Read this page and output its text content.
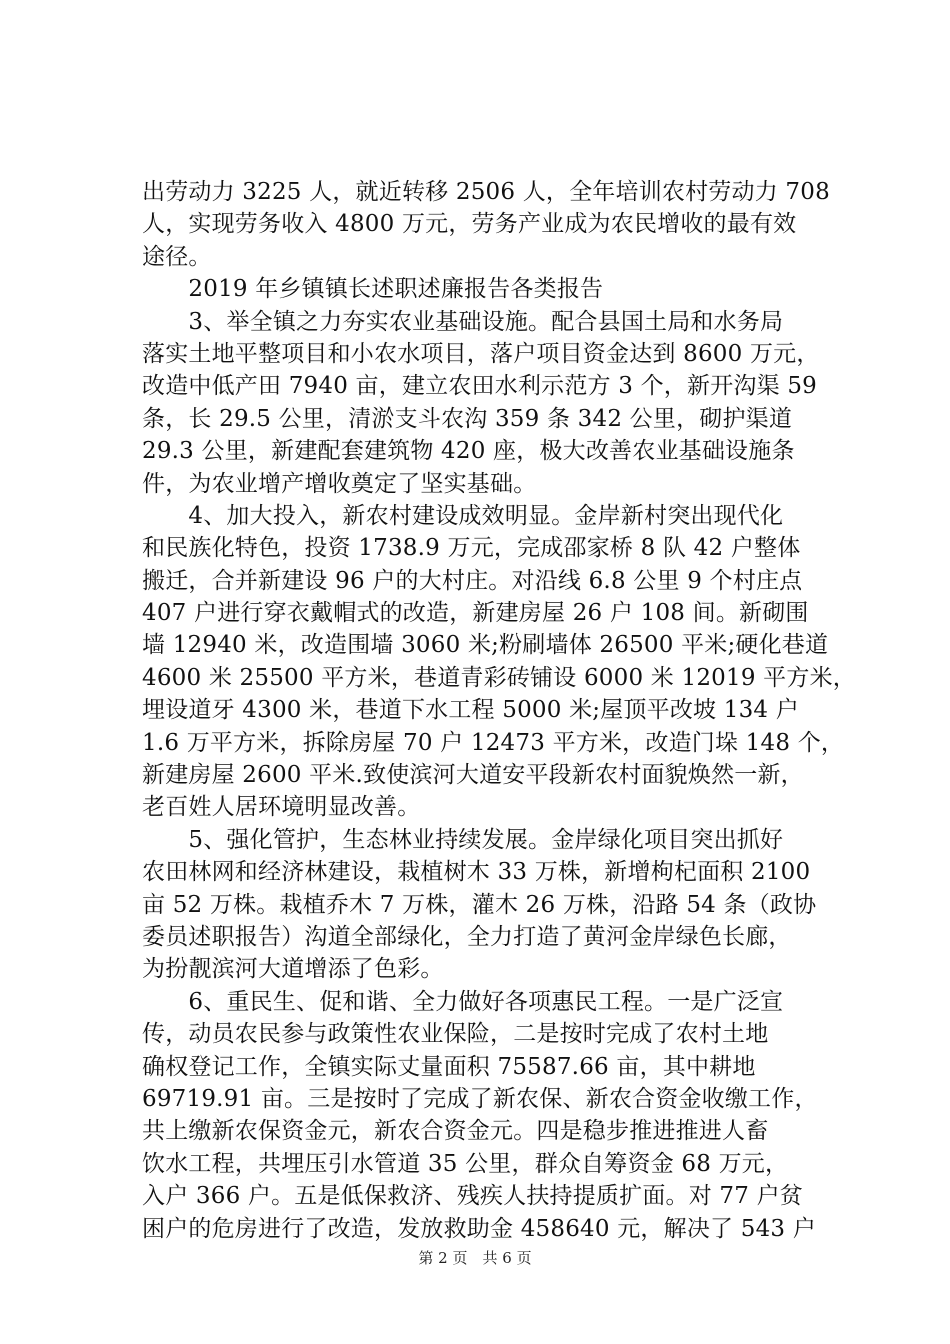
出劳动力 3225 人，就近转移 2506 人，全年培训农村劳动力 708
人，实现劳务收入 4800 万元，劳务产业成为农民增收的最有效
途径。
　　2019 年乡镇镇长述职述廉报告各类报告
　　3、举全镇之力夯实农业基础设施。配合县国土局和水务局
落实土地平整项目和小农水项目，落户项目资金达到 8600 万元，
改造中低产田 7940 亩，建立农田水利示范方 3 个，新开沟渠 59
条，长 29.5 公里，清淤支斗农沟 359 条 342 公里，砌护渠道
29.3 公里，新建配套建筑物 420 座，极大改善农业基础设施条
件，为农业增产增收奠定了坚实基础。
　　4、加大投入，新农村建设成效明显。金岸新村突出现代化
和民族化特色，投资 1738.9 万元，完成邵家桥 8 队 42 户整体
搬迁，合并新建设 96 户的大村庄。对沿线 6.8 公里 9 个村庄点
407 户进行穿衣戴帽式的改造，新建房屋 26 户 108 间。新砌围
墙 12940 米，改造围墙 3060 米;粉刷墙体 26500 平米;硬化巷道
4600 米 25500 平方米，巷道青彩砖铺设 6000 米 12019 平方米，
埋设道牙 4300 米，巷道下水工程 5000 米;屋顶平改坡 134 户
1.6 万平方米，拆除房屋 70 户 12473 平方米，改造门垛 148 个，
新建房屋 2600 平米.致使滨河大道安平段新农村面貌焕然一新，
老百姓人居环境明显改善。
　　5、强化管护，生态林业持续发展。金岸绿化项目突出抓好
农田林网和经济林建设，栽植树木 33 万株，新增枸杞面积 2100
亩 52 万株。栽植乔木 7 万株，灌木 26 万株，沿路 54 条（政协
委员述职报告）沟道全部绿化，全力打造了黄河金岸绿色长廊，
为扮靓滨河大道增添了色彩。
　　6、重民生、促和谐、全力做好各项惠民工程。一是广泛宣
传，动员农民参与政策性农业保险，二是按时完成了农村土地
确权登记工作，全镇实际丈量面积 75587.66 亩，其中耕地
69719.91 亩。三是按时了完成了新农保、新农合资金收缴工作，
共上缴新农保资金元，新农合资金元。四是稳步推进推进人畜
饮水工程，共埋压引水管道 35 公里，群众自筹资金 68 万元，
入户 366 户。五是低保救济、残疾人扶持提质扩面。对 77 户贫
困户的危房进行了改造，发放救助金 458640 元，解决了 543 户
第 2 页　共 6 页
